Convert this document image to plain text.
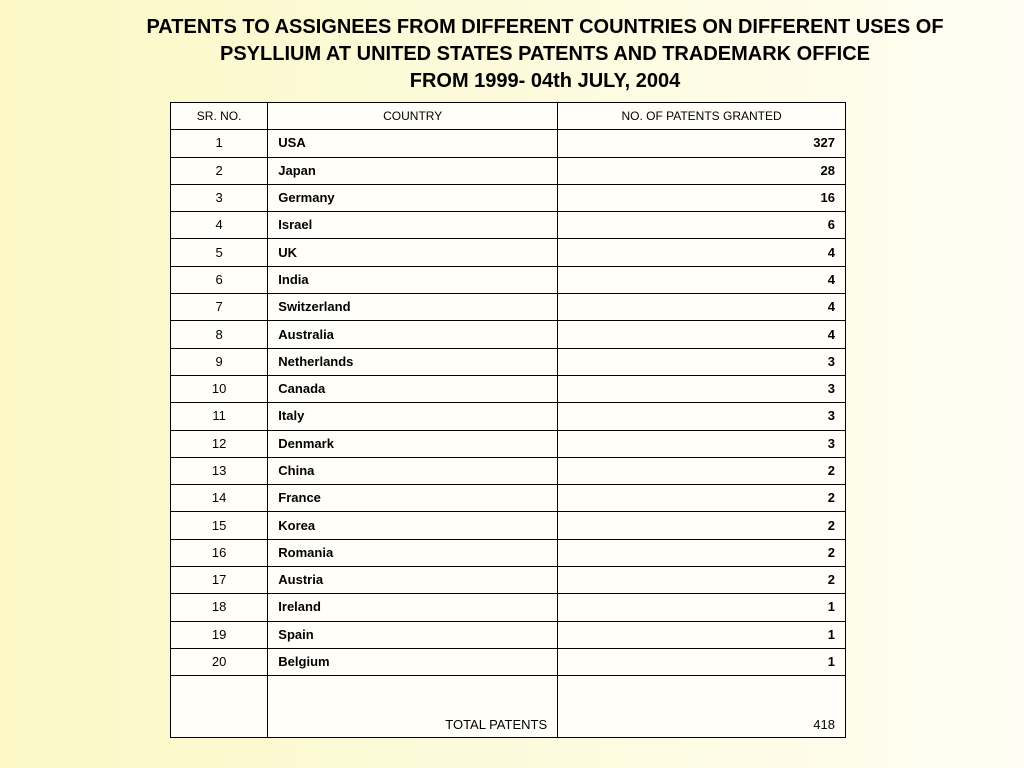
PATENTS TO ASSIGNEES FROM DIFFERENT COUNTRIES ON DIFFERENT USES OF
PSYLLIUM AT UNITED STATES PATENTS AND TRADEMARK OFFICE
FROM 1999- 04th JULY, 2004
SR. NO.	COUNTRY	NO. OF PATENTS GRANTED
1	USA	327
2	Japan	28
3	Germany	16
4	Israel	6
5	UK	4
6	India	4
7	Switzerland	4
8	Australia	4
9	Netherlands	3
10	Canada	3
11	Italy	3
12	Denmark	3
13	China	2
14	France	2
15	Korea	2
16	Romania	2
17	Austria	2
18	Ireland	1
19	Spain	1
20	Belgium	1
	TOTAL PATENTS	418
